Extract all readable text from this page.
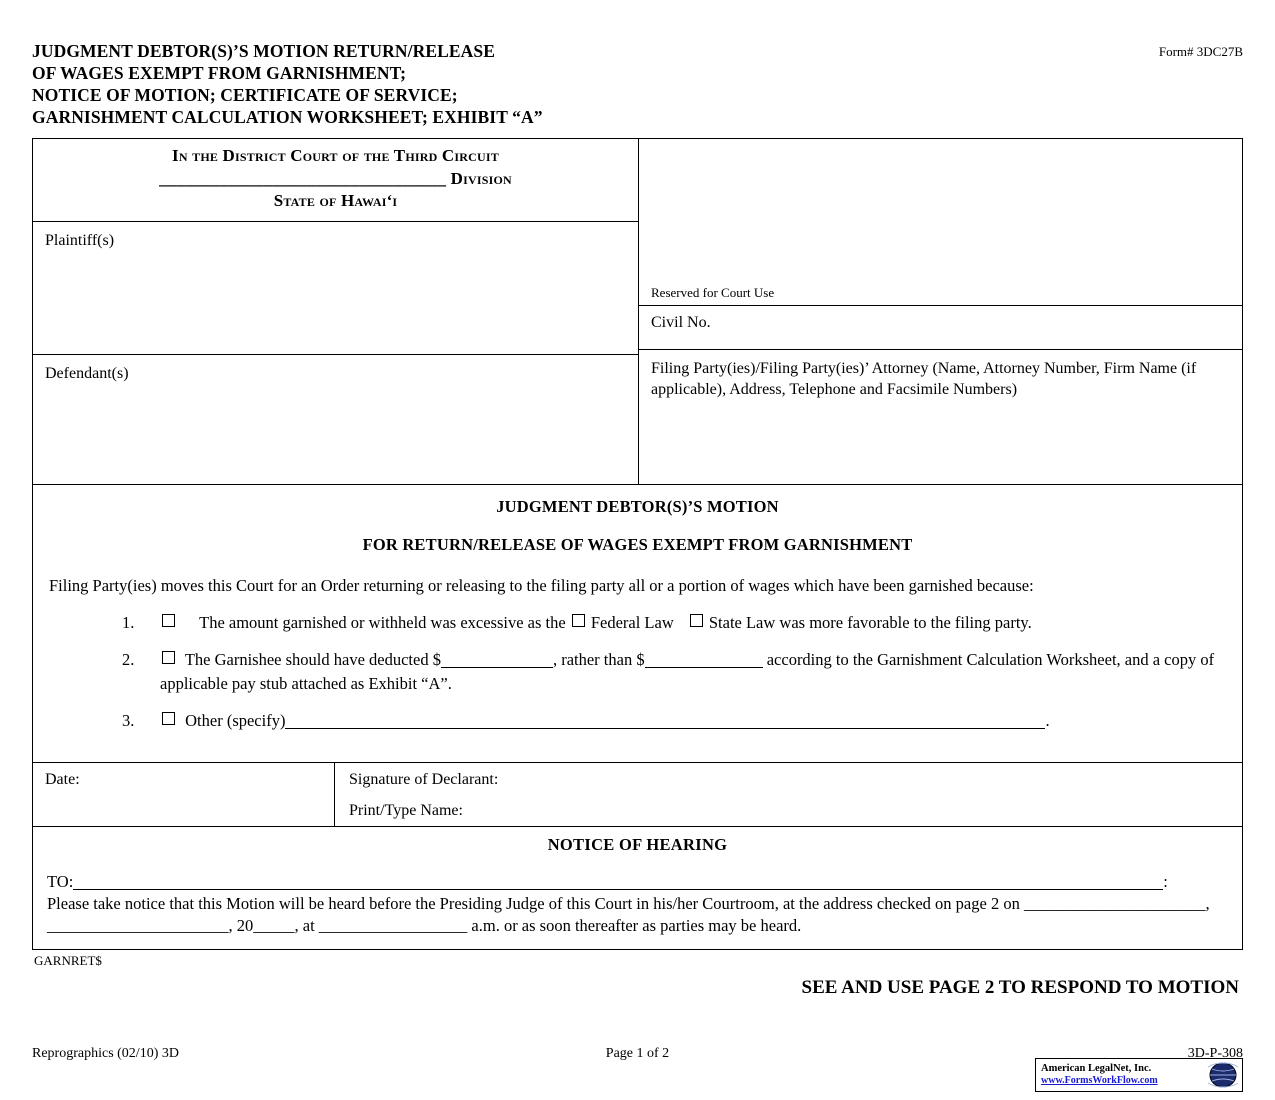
JUDGMENT DEBTOR(S)’S MOTION RETURN/RELEASE
OF WAGES EXEMPT FROM GARNISHMENT;
NOTICE OF MOTION; CERTIFICATE OF SERVICE;
GARNISHMENT CALCULATION WORKSHEET; EXHIBIT “A”
Form# 3DC27B
In the District Court of the Third Circuit
_________________________________ Division
State of Hawaiʻi
Plaintiff(s)
Defendant(s)
Reserved for Court Use
Civil No.
Filing Party(ies)/Filing Party(ies)’ Attorney (Name, Attorney Number, Firm Name (if applicable), Address, Telephone and Facsimile Numbers)
JUDGMENT DEBTOR(S)’S MOTION
FOR RETURN/RELEASE OF WAGES EXEMPT FROM GARNISHMENT

Filing Party(ies) moves this Court for an Order returning or releasing to the filing party all or a portion of wages which have been garnished because:

1.	The amount garnished or withheld was excessive as the Federal Law State Law was more favorable to the filing party.
2.	The Garnishee should have deducted $	, rather than $	according to the Garnishment Calculation Worksheet, and a copy of applicable pay stub attached as Exhibit “A”.
3.	Other (specify)	.
Date:	Signature of Declarant:
Print/Type Name:
NOTICE OF HEARING
TO:	:
Please take notice that this Motion will be heard before the Presiding Judge of this Court in his/her Courtroom, at the address checked on page 2 on ______________________, ______________________, 20_____, at __________________ a.m. or as soon thereafter as parties may be heard.
GARNRET$
SEE AND USE PAGE 2 TO RESPOND TO MOTION
Reprographics (02/10) 3D	Page 1 of 2	3D-P-308
American LegalNet, Inc.
www.FormsWorkFlow.com
